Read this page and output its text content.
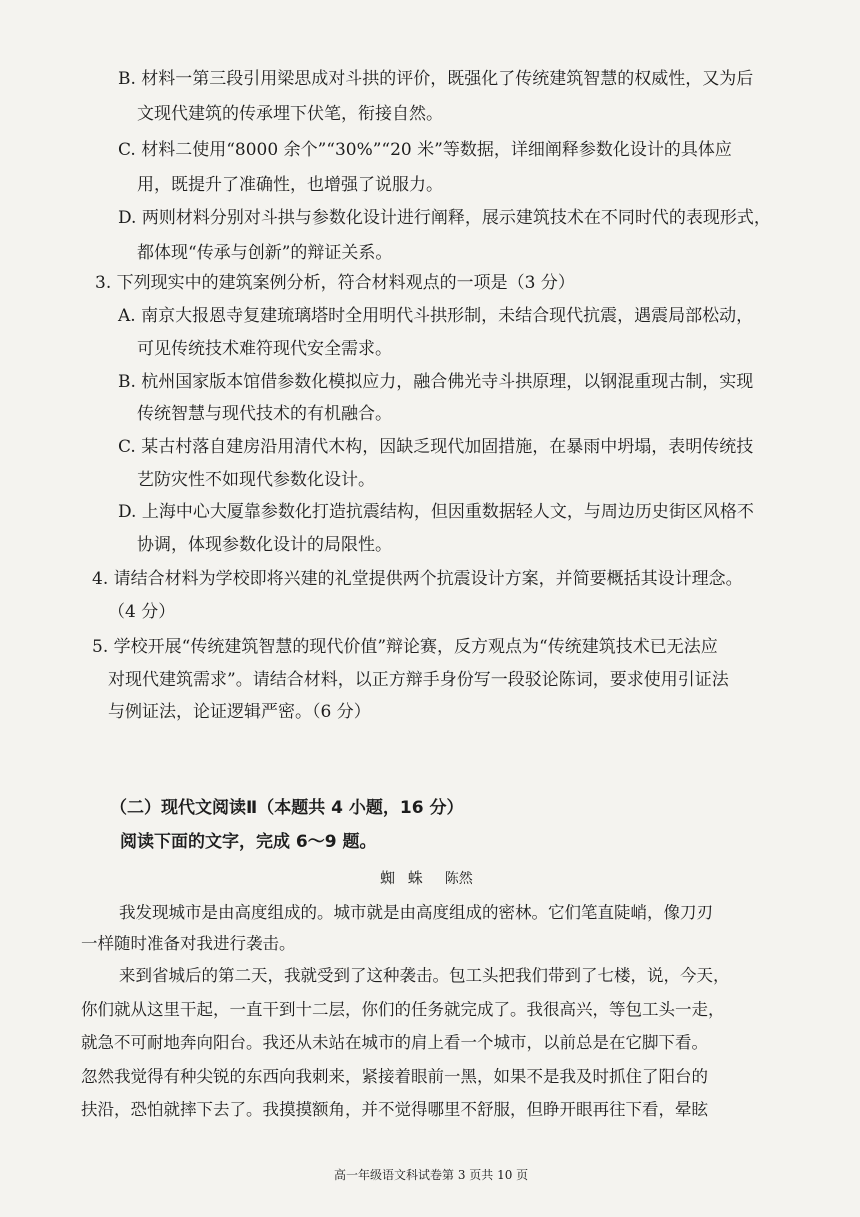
B. 材料一第三段引用梁思成对斗拱的评价，既强化了传统建筑智慧的权威性，又为后
文现代建筑的传承埋下伏笔，衔接自然。
C. 材料二使用“8000 余个”“30%”“20 米”等数据，详细阐释参数化设计的具体应
用，既提升了准确性，也增强了说服力。
D. 两则材料分别对斗拱与参数化设计进行阐释，展示建筑技术在不同时代的表现形式，
都体现“传承与创新”的辩证关系。
3. 下列现实中的建筑案例分析，符合材料观点的一项是（3 分）
A. 南京大报恩寺复建琉璃塔时全用明代斗拱形制，未结合现代抗震，遇震局部松动，
可见传统技术难符现代安全需求。
B. 杭州国家版本馆借参数化模拟应力，融合佛光寺斗拱原理，以钢混重现古制，实现
传统智慧与现代技术的有机融合。
C. 某古村落自建房沿用清代木构，因缺乏现代加固措施，在暴雨中坍塌，表明传统技
艺防灾性不如现代参数化设计。
D. 上海中心大厦靠参数化打造抗震结构，但因重数据轻人文，与周边历史街区风格不
协调，体现参数化设计的局限性。
4. 请结合材料为学校即将兴建的礼堂提供两个抗震设计方案，并简要概括其设计理念。
（4 分）
5. 学校开展“传统建筑智慧的现代价值”辩论赛，反方观点为“传统建筑技术已无法应
对现代建筑需求”。请结合材料，以正方辩手身份写一段驳论陈词，要求使用引证法
与例证法，论证逻辑严密。（6 分）
（二）现代文阅读Ⅱ（本题共 4 小题，16 分）
阅读下面的文字，完成 6～9 题。
蜘 蛛 陈然
我发现城市是由高度组成的。城市就是由高度组成的密林。它们笔直陡峭，像刀刃
一样随时准备对我进行袭击。
来到省城后的第二天，我就受到了这种袭击。包工头把我们带到了七楼，说，今天，
你们就从这里干起，一直干到十二层，你们的任务就完成了。我很高兴，等包工头一走，
就急不可耐地奔向阳台。我还从未站在城市的肩上看一个城市，以前总是在它脚下看。
忽然我觉得有种尖锐的东西向我刺来，紧接着眼前一黑，如果不是我及时抓住了阳台的
扶沿，恐怕就摔下去了。我摸摸额角，并不觉得哪里不舒服，但睁开眼再往下看，晕眩
高一年级语文科试卷第 3 页共 10 页
